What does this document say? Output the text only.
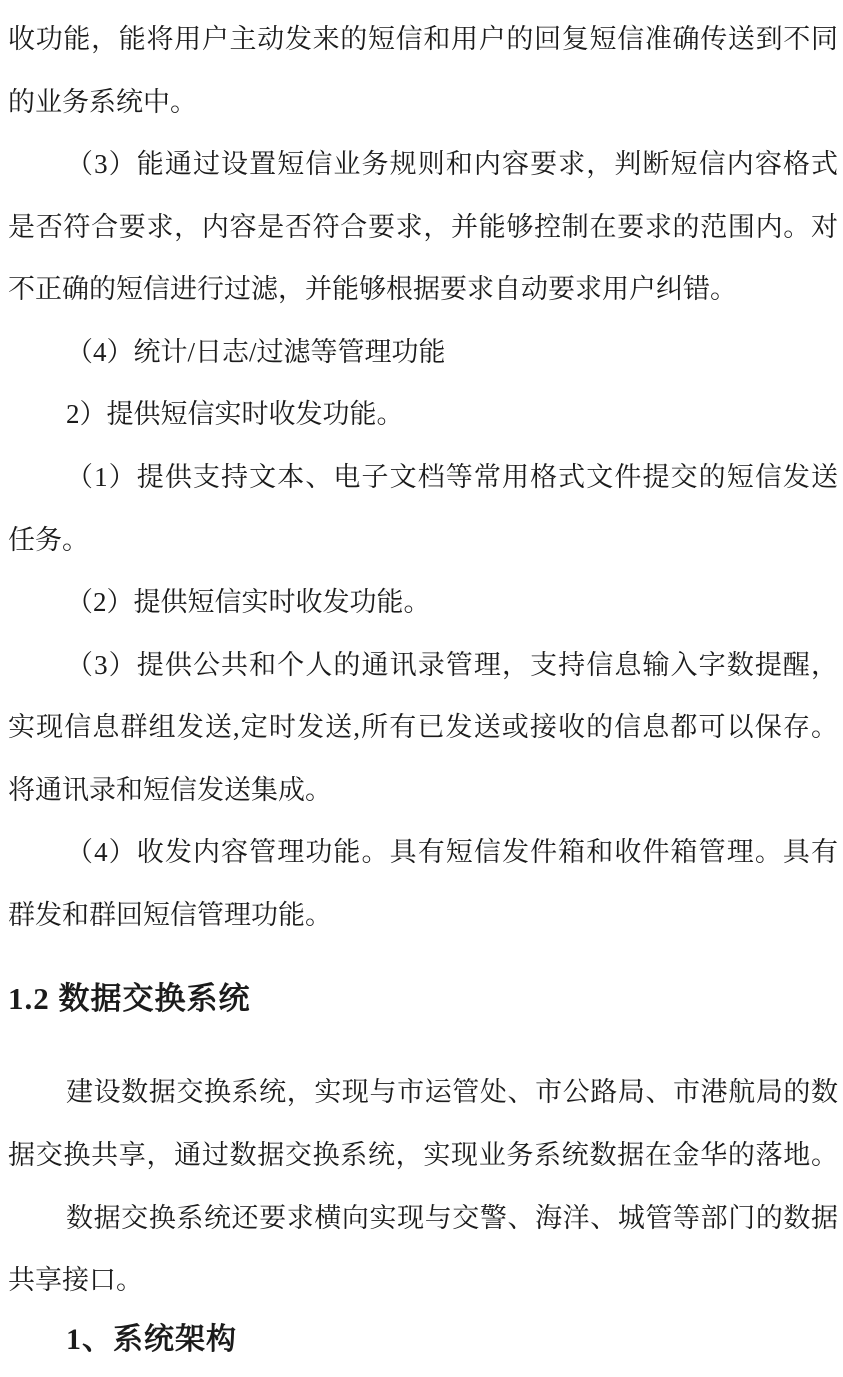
收功能，能将用户主动发来的短信和用户的回复短信准确传送到不同
的业务系统中。
（3）能通过设置短信业务规则和内容要求，判断短信内容格式
是否符合要求，内容是否符合要求，并能够控制在要求的范围内。对
不正确的短信进行过滤，并能够根据要求自动要求用户纠错。
（4）统计/日志/过滤等管理功能
2）提供短信实时收发功能。
（1）提供支持文本、电子文档等常用格式文件提交的短信发送
任务。
（2）提供短信实时收发功能。
（3）提供公共和个人的通讯录管理，支持信息输入字数提醒，
实现信息群组发送,定时发送,所有已发送或接收的信息都可以保存。
将通讯录和短信发送集成。
（4）收发内容管理功能。具有短信发件箱和收件箱管理。具有
群发和群回短信管理功能。
1.2 数据交换系统
建设数据交换系统，实现与市运管处、市公路局、市港航局的数
据交换共享，通过数据交换系统，实现业务系统数据在金华的落地。
数据交换系统还要求横向实现与交警、海洋、城管等部门的数据
共享接口。
1、系统架构
